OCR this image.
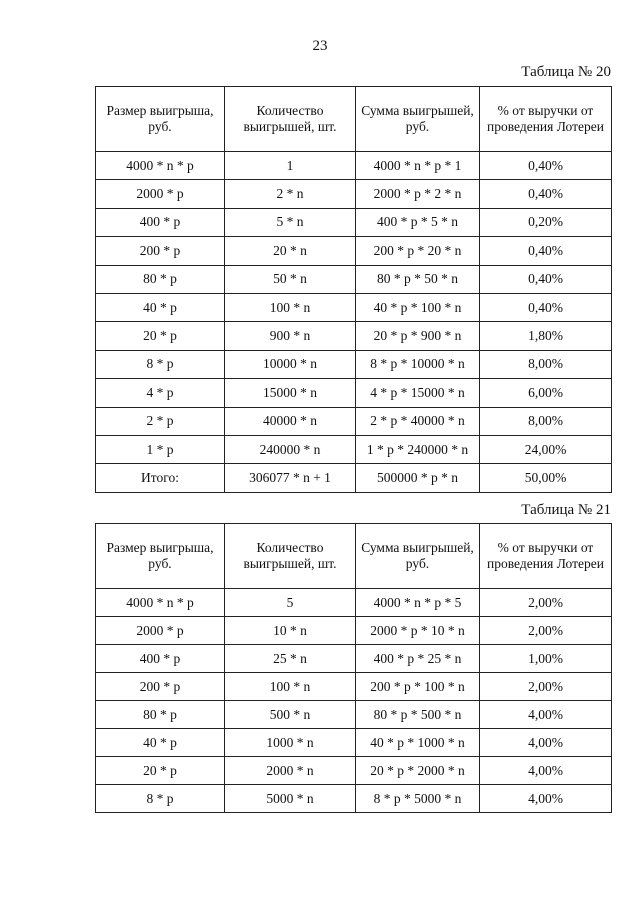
23
Таблица № 20
Размер выигрыша, руб.	Количество выигрышей, шт.	Сумма выигрышей, руб.	% от выручки от проведения Лотереи
4000 * n * p	1	4000 * n * p * 1	0,40%
2000 * p	2 * n	2000 * p * 2 * n	0,40%
400 * p	5 * n	400 * p * 5 * n	0,20%
200 * p	20 * n	200 * p * 20 * n	0,40%
80 * p	50 * n	80 * p * 50 * n	0,40%
40 * p	100 * n	40 * p * 100 * n	0,40%
20 * p	900 * n	20 * p * 900 * n	1,80%
8 * p	10000 * n	8 * p * 10000 * n	8,00%
4 * p	15000 * n	4 * p * 15000 * n	6,00%
2 * p	40000 * n	2 * p * 40000 * n	8,00%
1 * p	240000 * n	1 * p * 240000 * n	24,00%
Итого:	306077 * n + 1	500000 * p * n	50,00%
Таблица № 21
Размер выигрыша, руб.	Количество выигрышей, шт.	Сумма выигрышей, руб.	% от выручки от проведения Лотереи
4000 * n * p	5	4000 * n * p * 5	2,00%
2000 * p	10 * n	2000 * p * 10 * n	2,00%
400 * p	25 * n	400 * p * 25 * n	1,00%
200 * p	100 * n	200 * p * 100 * n	2,00%
80 * p	500 * n	80 * p * 500 * n	4,00%
40 * p	1000 * n	40 * p * 1000 * n	4,00%
20 * p	2000 * n	20 * p * 2000 * n	4,00%
8 * p	5000 * n	8 * p * 5000 * n	4,00%
